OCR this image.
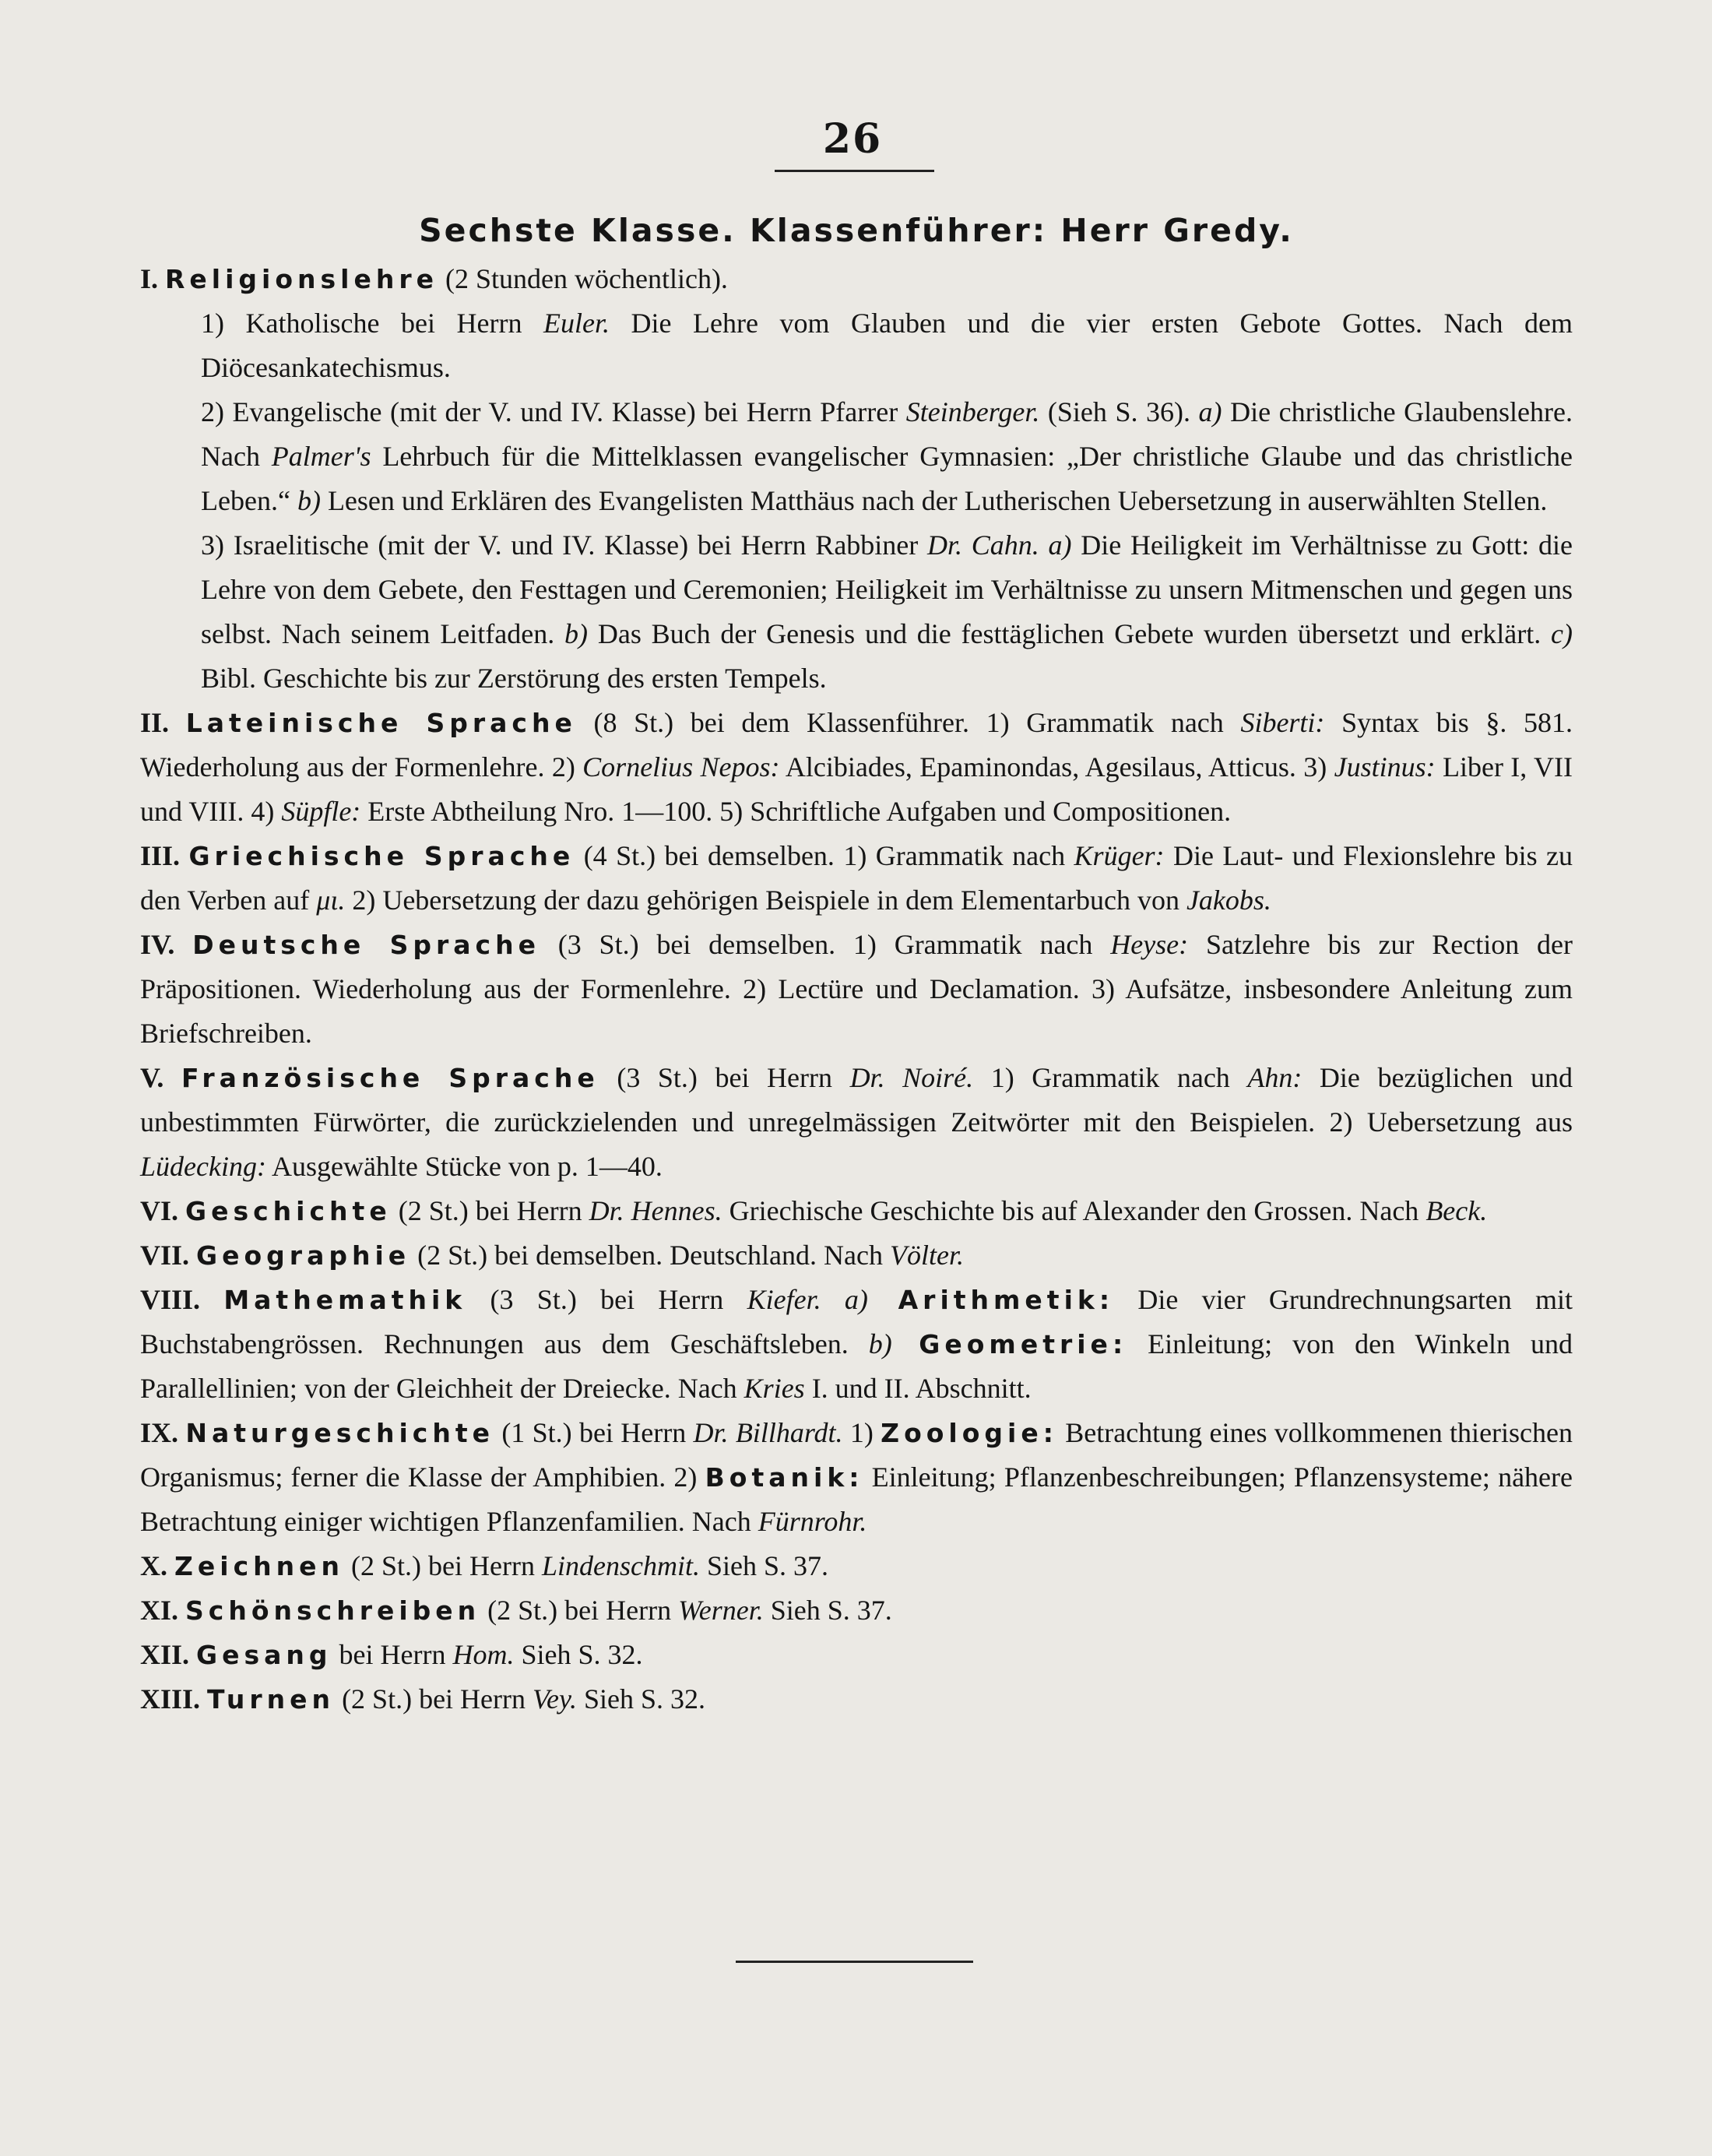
26
Sechste Klasse. Klassenführer: Herr Gredy.

I. Religionslehre (2 Stunden wöchentlich).

1) Katholische bei Herrn Euler. Die Lehre vom Glauben und die vier ersten Gebote Gottes. Nach dem Diöcesankatechismus.

2) Evangelische (mit der V. und IV. Klasse) bei Herrn Pfarrer Steinberger. (Sieh S. 36). a) Die christliche Glaubenslehre. Nach Palmer's Lehrbuch für die Mittelklassen evangelischer Gymnasien: „Der christliche Glaube und das christliche Leben.“ b) Lesen und Erklären des Evangelisten Matthäus nach der Lutherischen Uebersetzung in auserwählten Stellen.

3) Israelitische (mit der V. und IV. Klasse) bei Herrn Rabbiner Dr. Cahn. a) Die Heiligkeit im Verhältnisse zu Gott: die Lehre von dem Gebete, den Festtagen und Ceremonien; Heiligkeit im Verhältnisse zu unsern Mitmenschen und gegen uns selbst. Nach seinem Leitfaden. b) Das Buch der Genesis und die festtäglichen Gebete wurden übersetzt und erklärt. c) Bibl. Geschichte bis zur Zerstörung des ersten Tempels.

II. Lateinische Sprache (8 St.) bei dem Klassenführer. 1) Grammatik nach Siberti: Syntax bis §. 581. Wiederholung aus der Formenlehre. 2) Cornelius Nepos: Alcibiades, Epaminondas, Agesilaus, Atticus. 3) Justinus: Liber I, VII und VIII. 4) Süpfle: Erste Abtheilung Nro. 1—100. 5) Schriftliche Aufgaben und Compositionen.

III. Griechische Sprache (4 St.) bei demselben. 1) Grammatik nach Krüger: Die Laut- und Flexionslehre bis zu den Verben auf μι. 2) Uebersetzung der dazu gehörigen Beispiele in dem Elementarbuch von Jakobs.

IV. Deutsche Sprache (3 St.) bei demselben. 1) Grammatik nach Heyse: Satzlehre bis zur Rection der Präpositionen. Wiederholung aus der Formenlehre. 2) Lectüre und Declamation. 3) Aufsätze, insbesondere Anleitung zum Briefschreiben.

V. Französische Sprache (3 St.) bei Herrn Dr. Noiré. 1) Grammatik nach Ahn: Die bezüglichen und unbestimmten Fürwörter, die zurückzielenden und unregelmässigen Zeitwörter mit den Beispielen. 2) Uebersetzung aus Lüdecking: Ausgewählte Stücke von p. 1—40.

VI. Geschichte (2 St.) bei Herrn Dr. Hennes. Griechische Geschichte bis auf Alexander den Grossen. Nach Beck.

VII. Geographie (2 St.) bei demselben. Deutschland. Nach Völter.

VIII. Mathemathik (3 St.) bei Herrn Kiefer. a) Arithmetik: Die vier Grundrechnungsarten mit Buchstabengrössen. Rechnungen aus dem Geschäftsleben. b) Geometrie: Einleitung; von den Winkeln und Parallellinien; von der Gleichheit der Dreiecke. Nach Kries I. und II. Abschnitt.

IX. Naturgeschichte (1 St.) bei Herrn Dr. Billhardt. 1) Zoologie: Betrachtung eines vollkommenen thierischen Organismus; ferner die Klasse der Amphibien. 2) Botanik: Einleitung; Pflanzenbeschreibungen; Pflanzensysteme; nähere Betrachtung einiger wichtigen Pflanzenfamilien. Nach Fürnrohr.

X. Zeichnen (2 St.) bei Herrn Lindenschmit. Sieh S. 37.

XI. Schönschreiben (2 St.) bei Herrn Werner. Sieh S. 37.

XII. Gesang bei Herrn Hom. Sieh S. 32.

XIII. Turnen (2 St.) bei Herrn Vey. Sieh S. 32.
